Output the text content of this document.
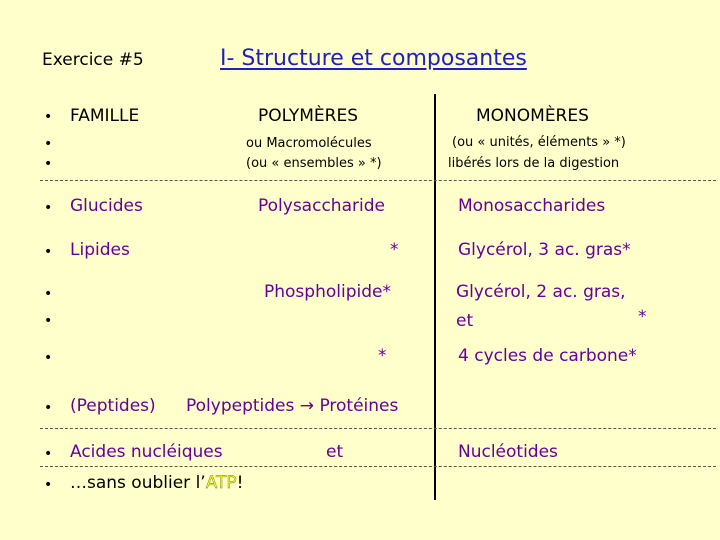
Exercice #5	I- Structure et composantes
• FAMILLE	POLYMÈRES	MONOMÈRES
•	ou Macromolécules	(ou « unités, éléments » *)
•	(ou « ensembles » *)	libérés lors de la digestion
• Glucides	Polysaccharide	Monosaccharides
• Lipides	*	Glycérol, 3 ac. gras*
•	Phospholipide*	Glycérol, 2 ac. gras,
•	et	*
•	*	4 cycles de carbone*
• (Peptides) Polypeptides → Protéines
• Acides nucléiques	et	Nucléotides
• …sans oublier l’ATP!
